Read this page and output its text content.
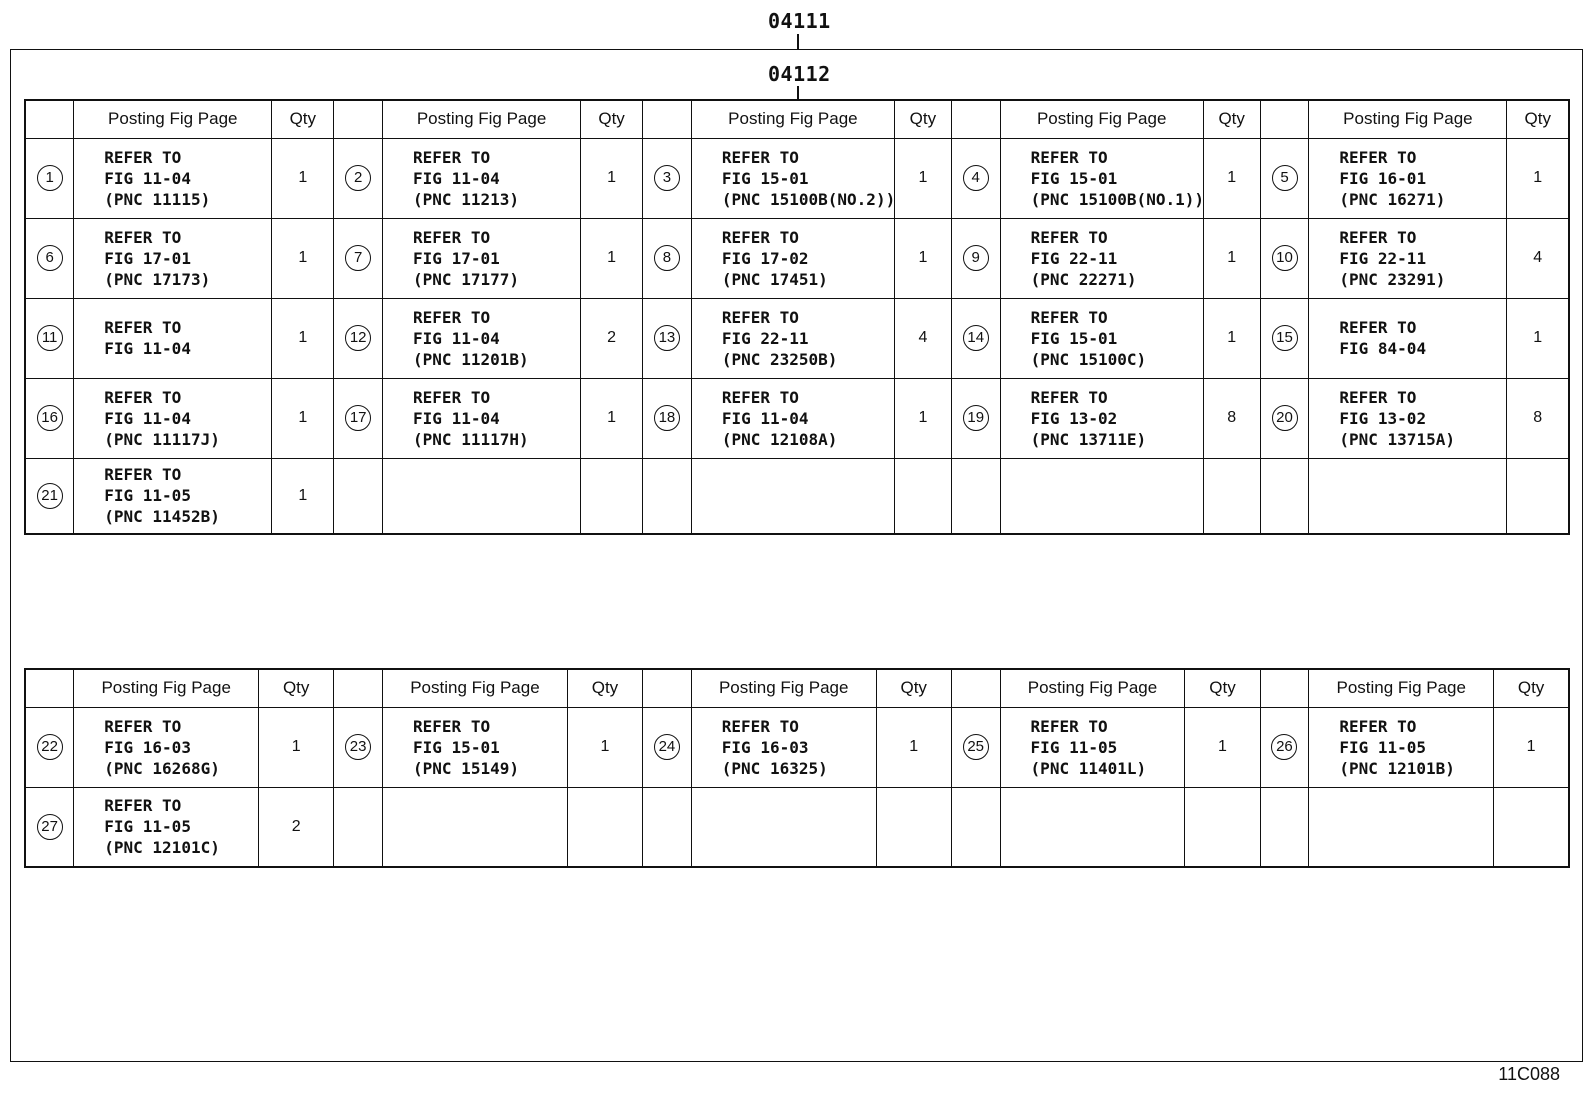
04111
04112
	Posting Fig Page	Qty		Posting Fig Page	Qty		Posting Fig Page	Qty		Posting Fig Page	Qty		Posting Fig Page	Qty
1	REFER TO
FIG 11-04
(PNC 11115)	1	2	REFER TO
FIG 11-04
(PNC 11213)	1	3	REFER TO
FIG 15-01
(PNC 15100B(NO.2))	1	4	REFER TO
FIG 15-01
(PNC 15100B(NO.1))	1	5	REFER TO
FIG 16-01
(PNC 16271)	1
6	REFER TO
FIG 17-01
(PNC 17173)	1	7	REFER TO
FIG 17-01
(PNC 17177)	1	8	REFER TO
FIG 17-02
(PNC 17451)	1	9	REFER TO
FIG 22-11
(PNC 22271)	1	10	REFER TO
FIG 22-11
(PNC 23291)	4
11	REFER TO
FIG 11-04	1	12	REFER TO
FIG 11-04
(PNC 11201B)	2	13	REFER TO
FIG 22-11
(PNC 23250B)	4	14	REFER TO
FIG 15-01
(PNC 15100C)	1	15	REFER TO
FIG 84-04	1
16	REFER TO
FIG 11-04
(PNC 11117J)	1	17	REFER TO
FIG 11-04
(PNC 11117H)	1	18	REFER TO
FIG 11-04
(PNC 12108A)	1	19	REFER TO
FIG 13-02
(PNC 13711E)	8	20	REFER TO
FIG 13-02
(PNC 13715A)	8
21	REFER TO
FIG 11-05
(PNC 11452B)	1												
	Posting Fig Page	Qty		Posting Fig Page	Qty		Posting Fig Page	Qty		Posting Fig Page	Qty		Posting Fig Page	Qty
22	REFER TO
FIG 16-03
(PNC 16268G)	1	23	REFER TO
FIG 15-01
(PNC 15149)	1	24	REFER TO
FIG 16-03
(PNC 16325)	1	25	REFER TO
FIG 11-05
(PNC 11401L)	1	26	REFER TO
FIG 11-05
(PNC 12101B)	1
27	REFER TO
FIG 11-05
(PNC 12101C)	2												
11C088
